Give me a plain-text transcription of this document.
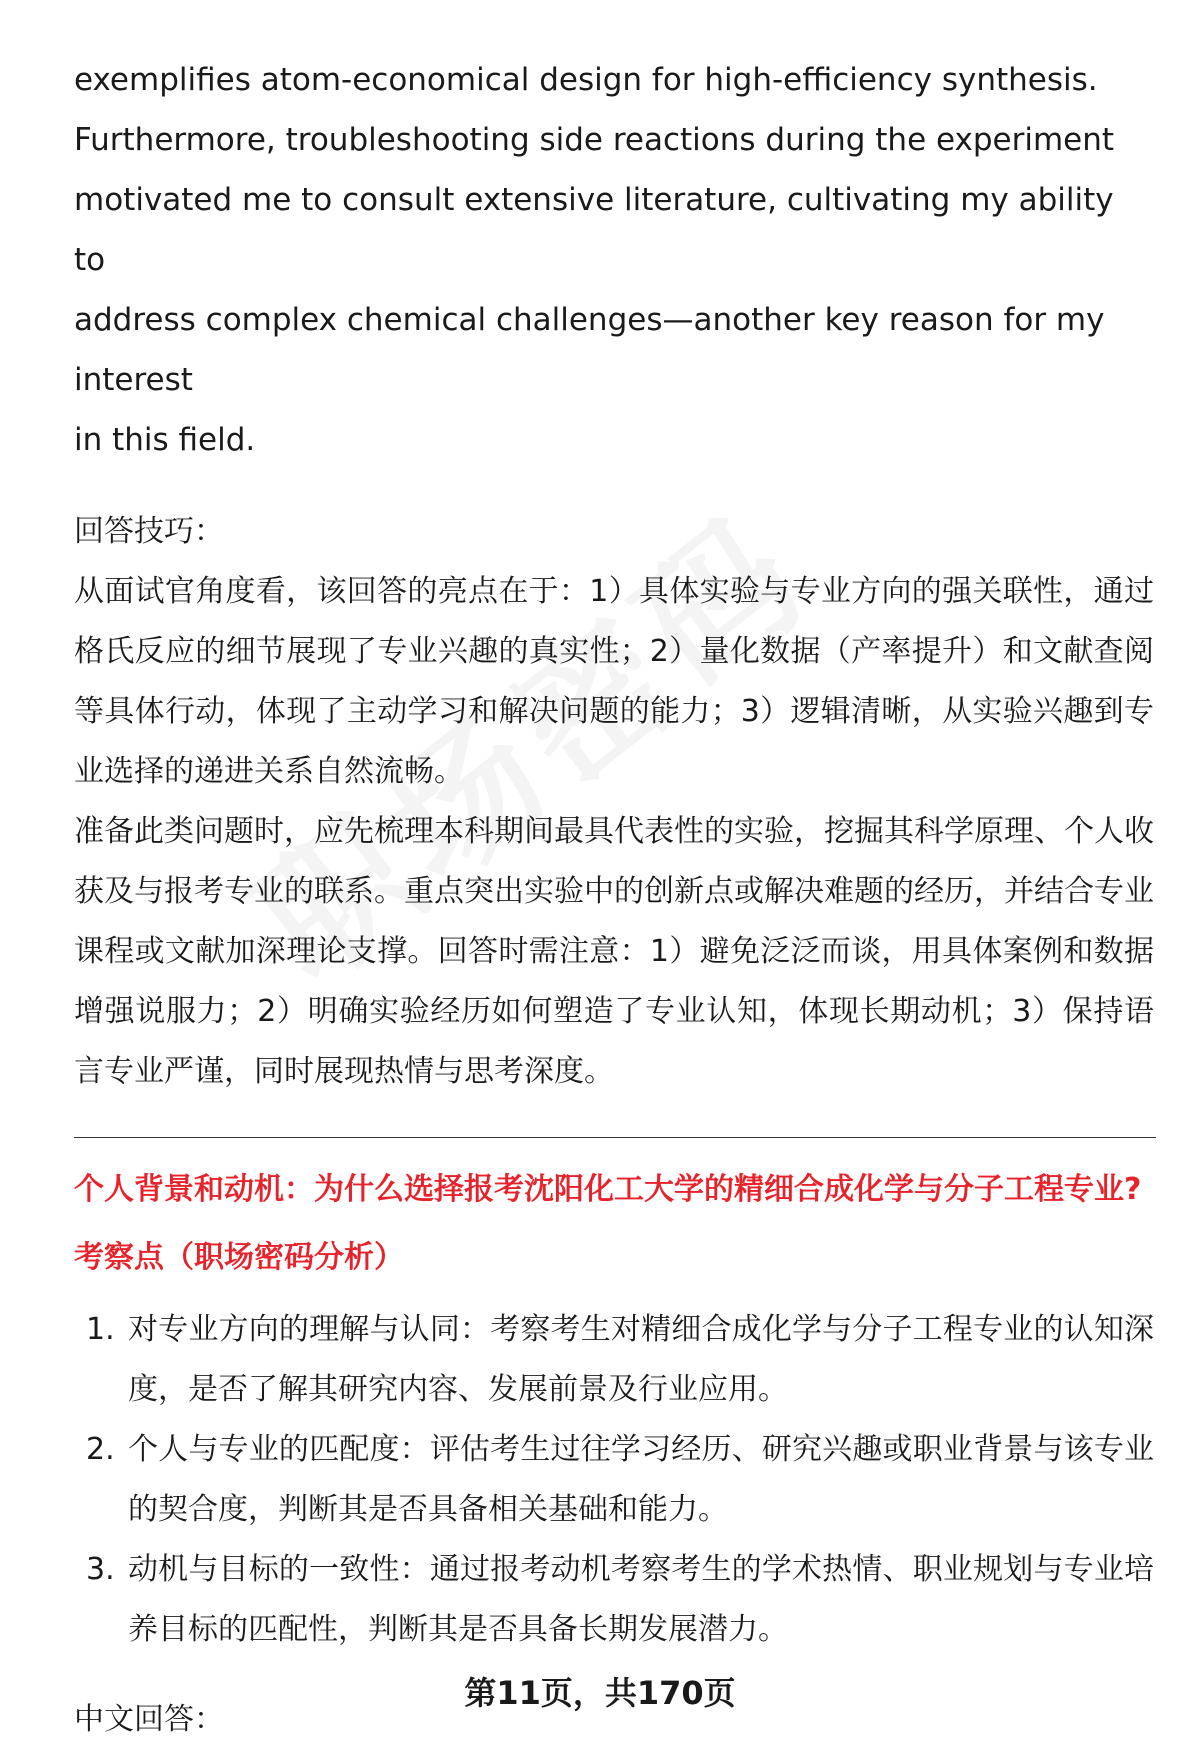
exemplifies atom-economical design for high-efficiency synthesis.

Furthermore, troubleshooting side reactions during the experiment

motivated me to consult extensive literature, cultivating my ability to

address complex chemical challenges—another key reason for my interest

in this field.

回答技巧：

从面试官角度看，该回答的亮点在于：1）具体实验与专业方向的强关联性，通过格氏反应的细节展现了专业兴趣的真实性；2）量化数据（产率提升）和文献查阅等具体行动，体现了主动学习和解决问题的能力；3）逻辑清晰，从实验兴趣到专业选择的递进关系自然流畅。

准备此类问题时，应先梳理本科期间最具代表性的实验，挖掘其科学原理、个人收获及与报考专业的联系。重点突出实验中的创新点或解决难题的经历，并结合专业课程或文献加深理论支撑。回答时需注意：1）避免泛泛而谈，用具体案例和数据增强说服力；2）明确实验经历如何塑造了专业认知，体现长期动机；3）保持语言专业严谨，同时展现热情与思考深度。

个人背景和动机：为什么选择报考沈阳化工大学的精细合成化学与分子工程专业?

考察点（职场密码分析）

1. 对专业方向的理解与认同：考察考生对精细合成化学与分子工程专业的认知深度，是否了解其研究内容、发展前景及行业应用。
2. 个人与专业的匹配度：评估考生过往学习经历、研究兴趣或职业背景与该专业的契合度，判断其是否具备相关基础和能力。
3. 动机与目标的一致性：通过报考动机考察考生的学术热情、职业规划与专业培养目标的匹配性，判断其是否具备长期发展潜力。

中文回答：

第11页，共170页
